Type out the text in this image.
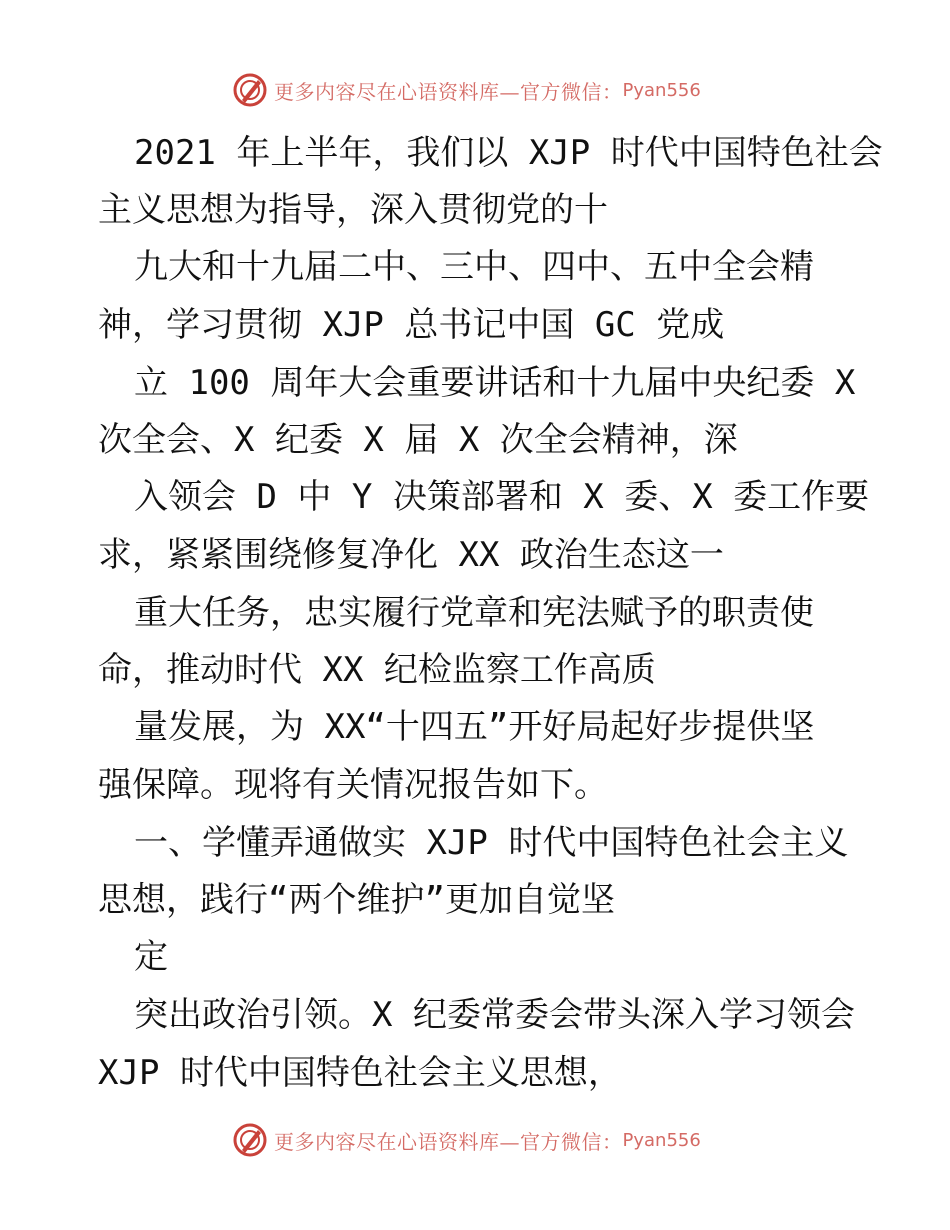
更多内容尽在心语资料库—官方微信： Pyan556
2021 年上半年，我们以 XJP 时代中国特色社会
主义思想为指导，深入贯彻党的十
九大和十九届二中、三中、四中、五中全会精
神，学习贯彻 XJP 总书记中国 GC 党成
立 100 周年大会重要讲话和十九届中央纪委 X
次全会、X 纪委 X 届 X 次全会精神，深
入领会 D 中 Y 决策部署和 X 委、X 委工作要
求，紧紧围绕修复净化 XX 政治生态这一
重大任务，忠实履行党章和宪法赋予的职责使
命，推动时代 XX 纪检监察工作高质
量发展，为 XX“十四五”开好局起好步提供坚
强保障。现将有关情况报告如下。
一、学懂弄通做实 XJP 时代中国特色社会主义
思想，践行“两个维护”更加自觉坚
定
突出政治引领。X 纪委常委会带头深入学习领会
XJP 时代中国特色社会主义思想，
更多内容尽在心语资料库—官方微信： Pyan556
